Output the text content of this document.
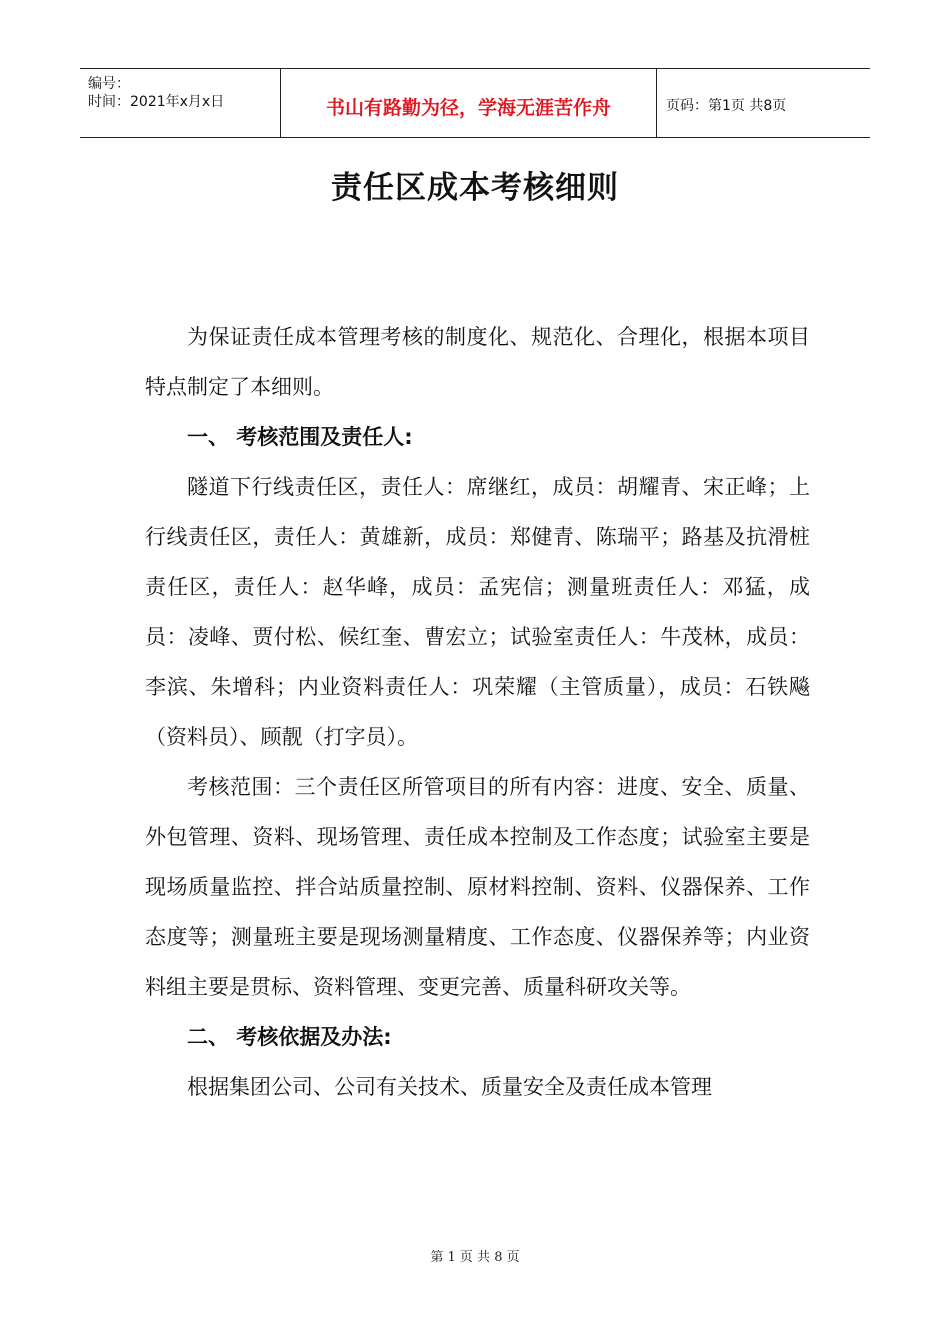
编号：
时间：2021年x月x日	书山有路勤为径，学海无涯苦作舟	页码：第1页 共8页
责任区成本考核细则

为保证责任成本管理考核的制度化、规范化、合理化，根据本项目特点制定了本细则。

一、 考核范围及责任人:

隧道下行线责任区，责任人：席继红，成员：胡耀青、宋正峰；上行线责任区，责任人：黄雄新，成员：郑健青、陈瑞平；路基及抗滑桩责任区，责任人：赵华峰，成员：孟宪信；测量班责任人：邓猛，成员：凌峰、贾付松、候红奎、曹宏立；试验室责任人：牛茂林，成员：李滨、朱增科；内业资料责任人：巩荣耀（主管质量），成员：石铁飚（资料员）、顾靓（打字员）。

考核范围：三个责任区所管项目的所有内容：进度、安全、质量、外包管理、资料、现场管理、责任成本控制及工作态度；试验室主要是现场质量监控、拌合站质量控制、原材料控制、资料、仪器保养、工作态度等；测量班主要是现场测量精度、工作态度、仪器保养等；内业资料组主要是贯标、资料管理、变更完善、质量科研攻关等。

二、 考核依据及办法:

根据集团公司、公司有关技术、质量安全及责任成本管理

第 1 页 共 8 页
